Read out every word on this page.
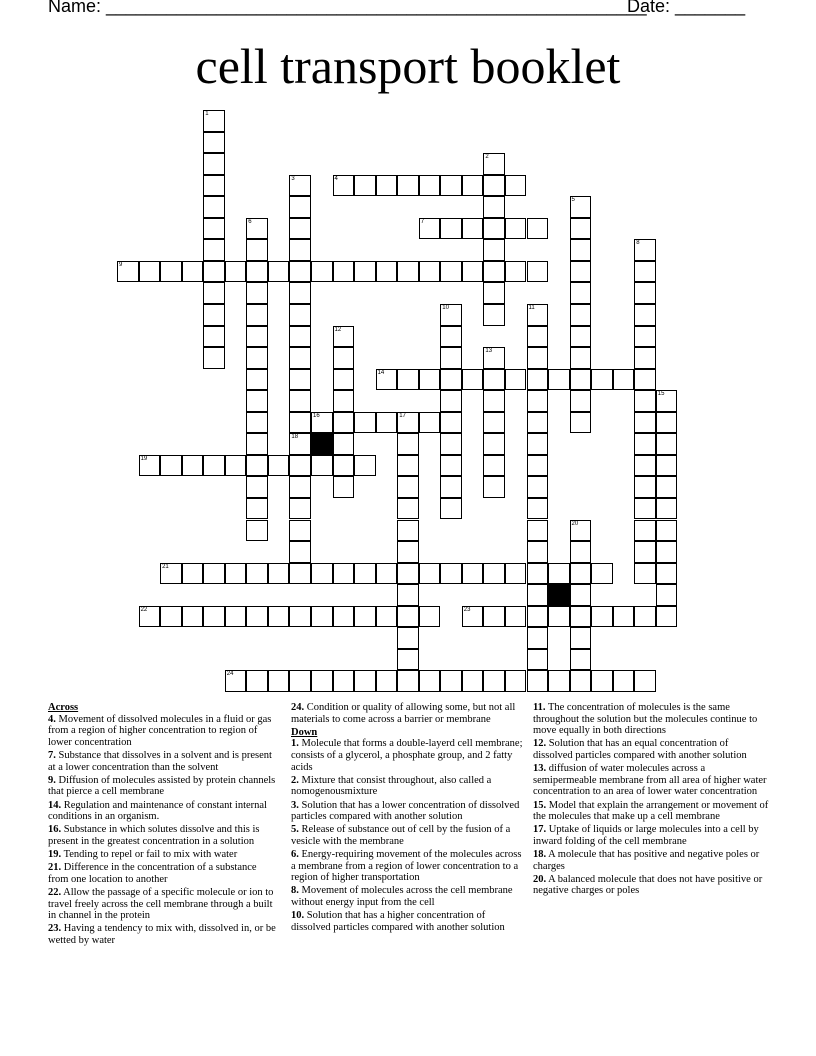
Name: ______________________________________________________
Date: _______
cell transport booklet
1
2
3
18
4
5
6	7
8
9
10	11
12
13
14
15
16	17
19
20
21
22	23
24
Across
4. Movement of dissolved molecules in a fluid or gas from a region of higher concentration to region of lower concentration
7. Substance that dissolves in a solvent and is present at a lower concentration than the solvent
9. Diffusion of molecules assisted by protein channels that pierce a cell membrane
14. Regulation and maintenance of constant internal conditions in an organism.
16. Substance in which solutes dissolve and this is present in the greatest concentration in a solution
19. Tending to repel or fail to mix with water
21. Difference in the concentration of a substance from one location to another
22. Allow the passage of a specific molecule or ion to travel freely across the cell membrane through a built in channel in the protein
23. Having a tendency to mix with, dissolved in, or be wetted by water
24. Condition or quality of allowing some, but not all materials to come across a barrier or membrane
Down
1. Molecule that forms a double-layerd cell membrane; consists of a glycerol, a phosphate group, and 2 fatty acids
2. Mixture that consist throughout, also called a nomogenousmixture
3. Solution that has a lower concentration of dissolved particles compared with another solution
5. Release of substance out of cell by the fusion of a vesicle with the membrane
6. Energy-requiring movement of the molecules across a membrane from a region of lower concentration to a region of higher transportation
8. Movement of molecules across the cell membrane without energy input from the cell
10. Solution that has a higher concentration of dissolved particles compared with another solution
11. The concentration of molecules is the same throughout the solution but the molecules continue to move equally in both directions
12. Solution that has an equal concentration of dissolved particles compared with another solution
13. diffusion of water molecules across a semipermeable membrane from all area of higher water concentration to an area of lower water concentration
15. Model that explain the arrangement or movement of the molecules that make up a cell membrane
17. Uptake of liquids or large molecules into a cell by inward folding of the cell membrane
18. A molecule that has positive and negative poles or charges
20. A balanced molecule that does not have positive or negative charges or poles
